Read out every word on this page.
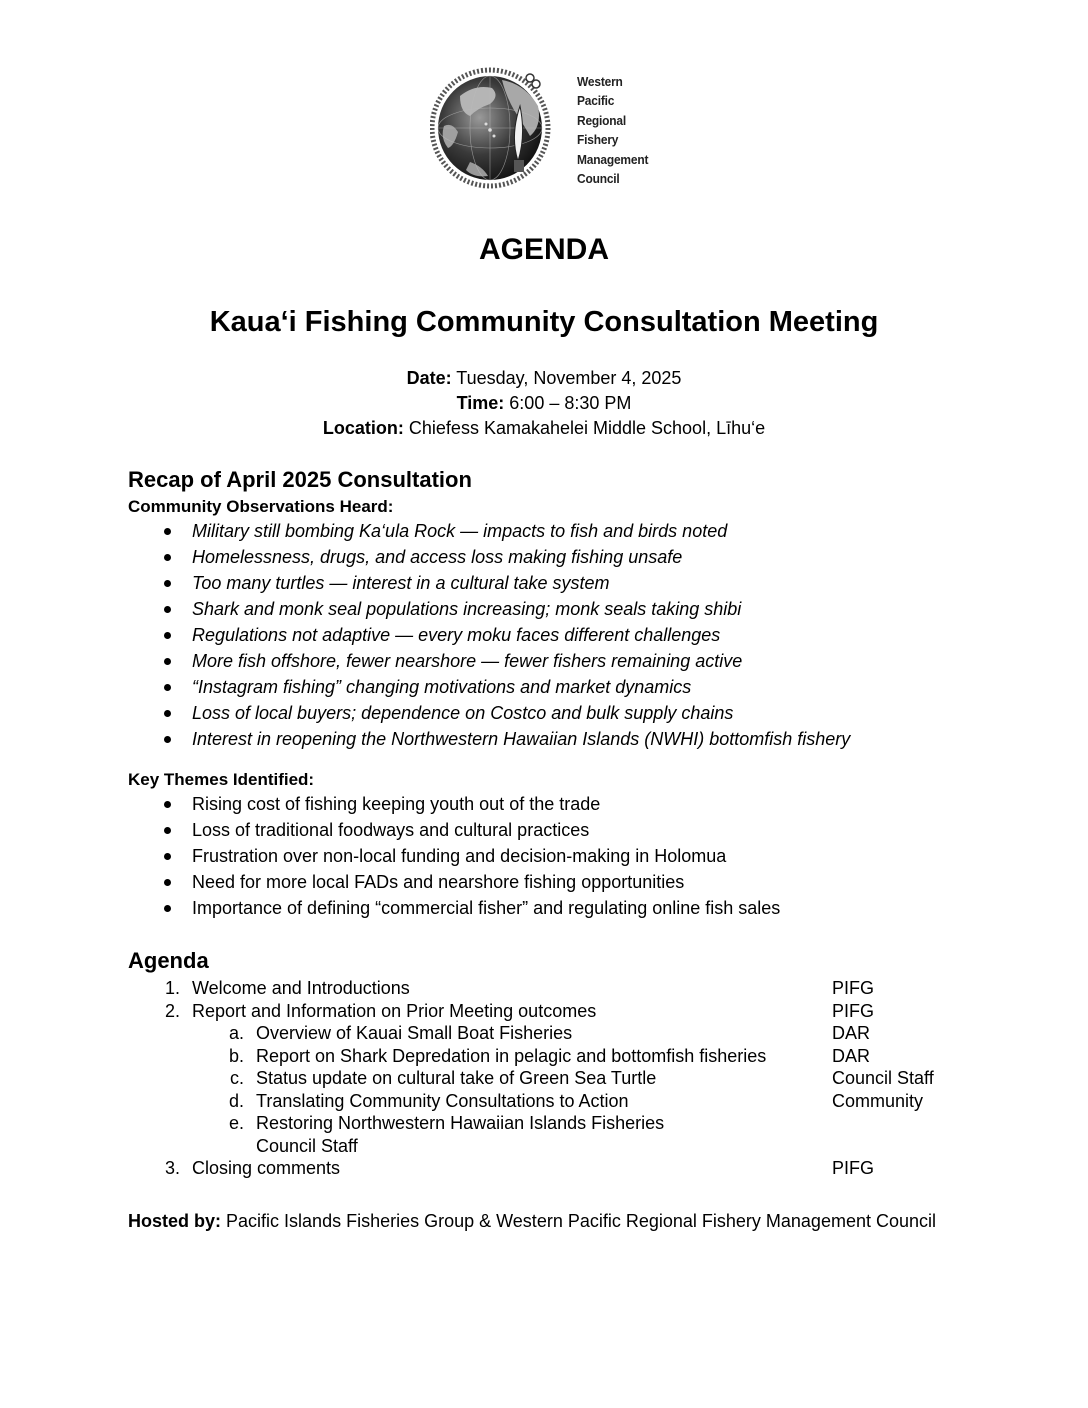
Western
Pacific
Regional
Fishery
Management
Council
AGENDA
Kaua‘i Fishing Community Consultation Meeting
Date: Tuesday, November 4, 2025
Time: 6:00 – 8:30 PM
Location: Chiefess Kamakahelei Middle School, Līhu‘e
Recap of April 2025 Consultation
Community Observations Heard:
Military still bombing Ka‘ula Rock — impacts to fish and birds noted
Homelessness, drugs, and access loss making fishing unsafe
Too many turtles — interest in a cultural take system
Shark and monk seal populations increasing; monk seals taking shibi
Regulations not adaptive — every moku faces different challenges
More fish offshore, fewer nearshore — fewer fishers remaining active
“Instagram fishing” changing motivations and market dynamics
Loss of local buyers; dependence on Costco and bulk supply chains
Interest in reopening the Northwestern Hawaiian Islands (NWHI) bottomfish fishery
Key Themes Identified:
Rising cost of fishing keeping youth out of the trade
Loss of traditional foodways and cultural practices
Frustration over non-local funding and decision-making in Holomua
Need for more local FADs and nearshore fishing opportunities
Importance of defining “commercial fisher” and regulating online fish sales
Agenda
1. Welcome and Introductions	PIFG
2. Report and Information on Prior Meeting outcomes	PIFG
a. Overview of Kauai Small Boat Fisheries	DAR
b. Report on Shark Depredation in pelagic and bottomfish fisheries	DAR
c. Status update on cultural take of Green Sea Turtle	Council Staff
d. Translating Community Consultations to Action	Community
e. Restoring Northwestern Hawaiian Islands Fisheries
Council Staff
3. Closing comments	PIFG
Hosted by: Pacific Islands Fisheries Group & Western Pacific Regional Fishery Management Council
